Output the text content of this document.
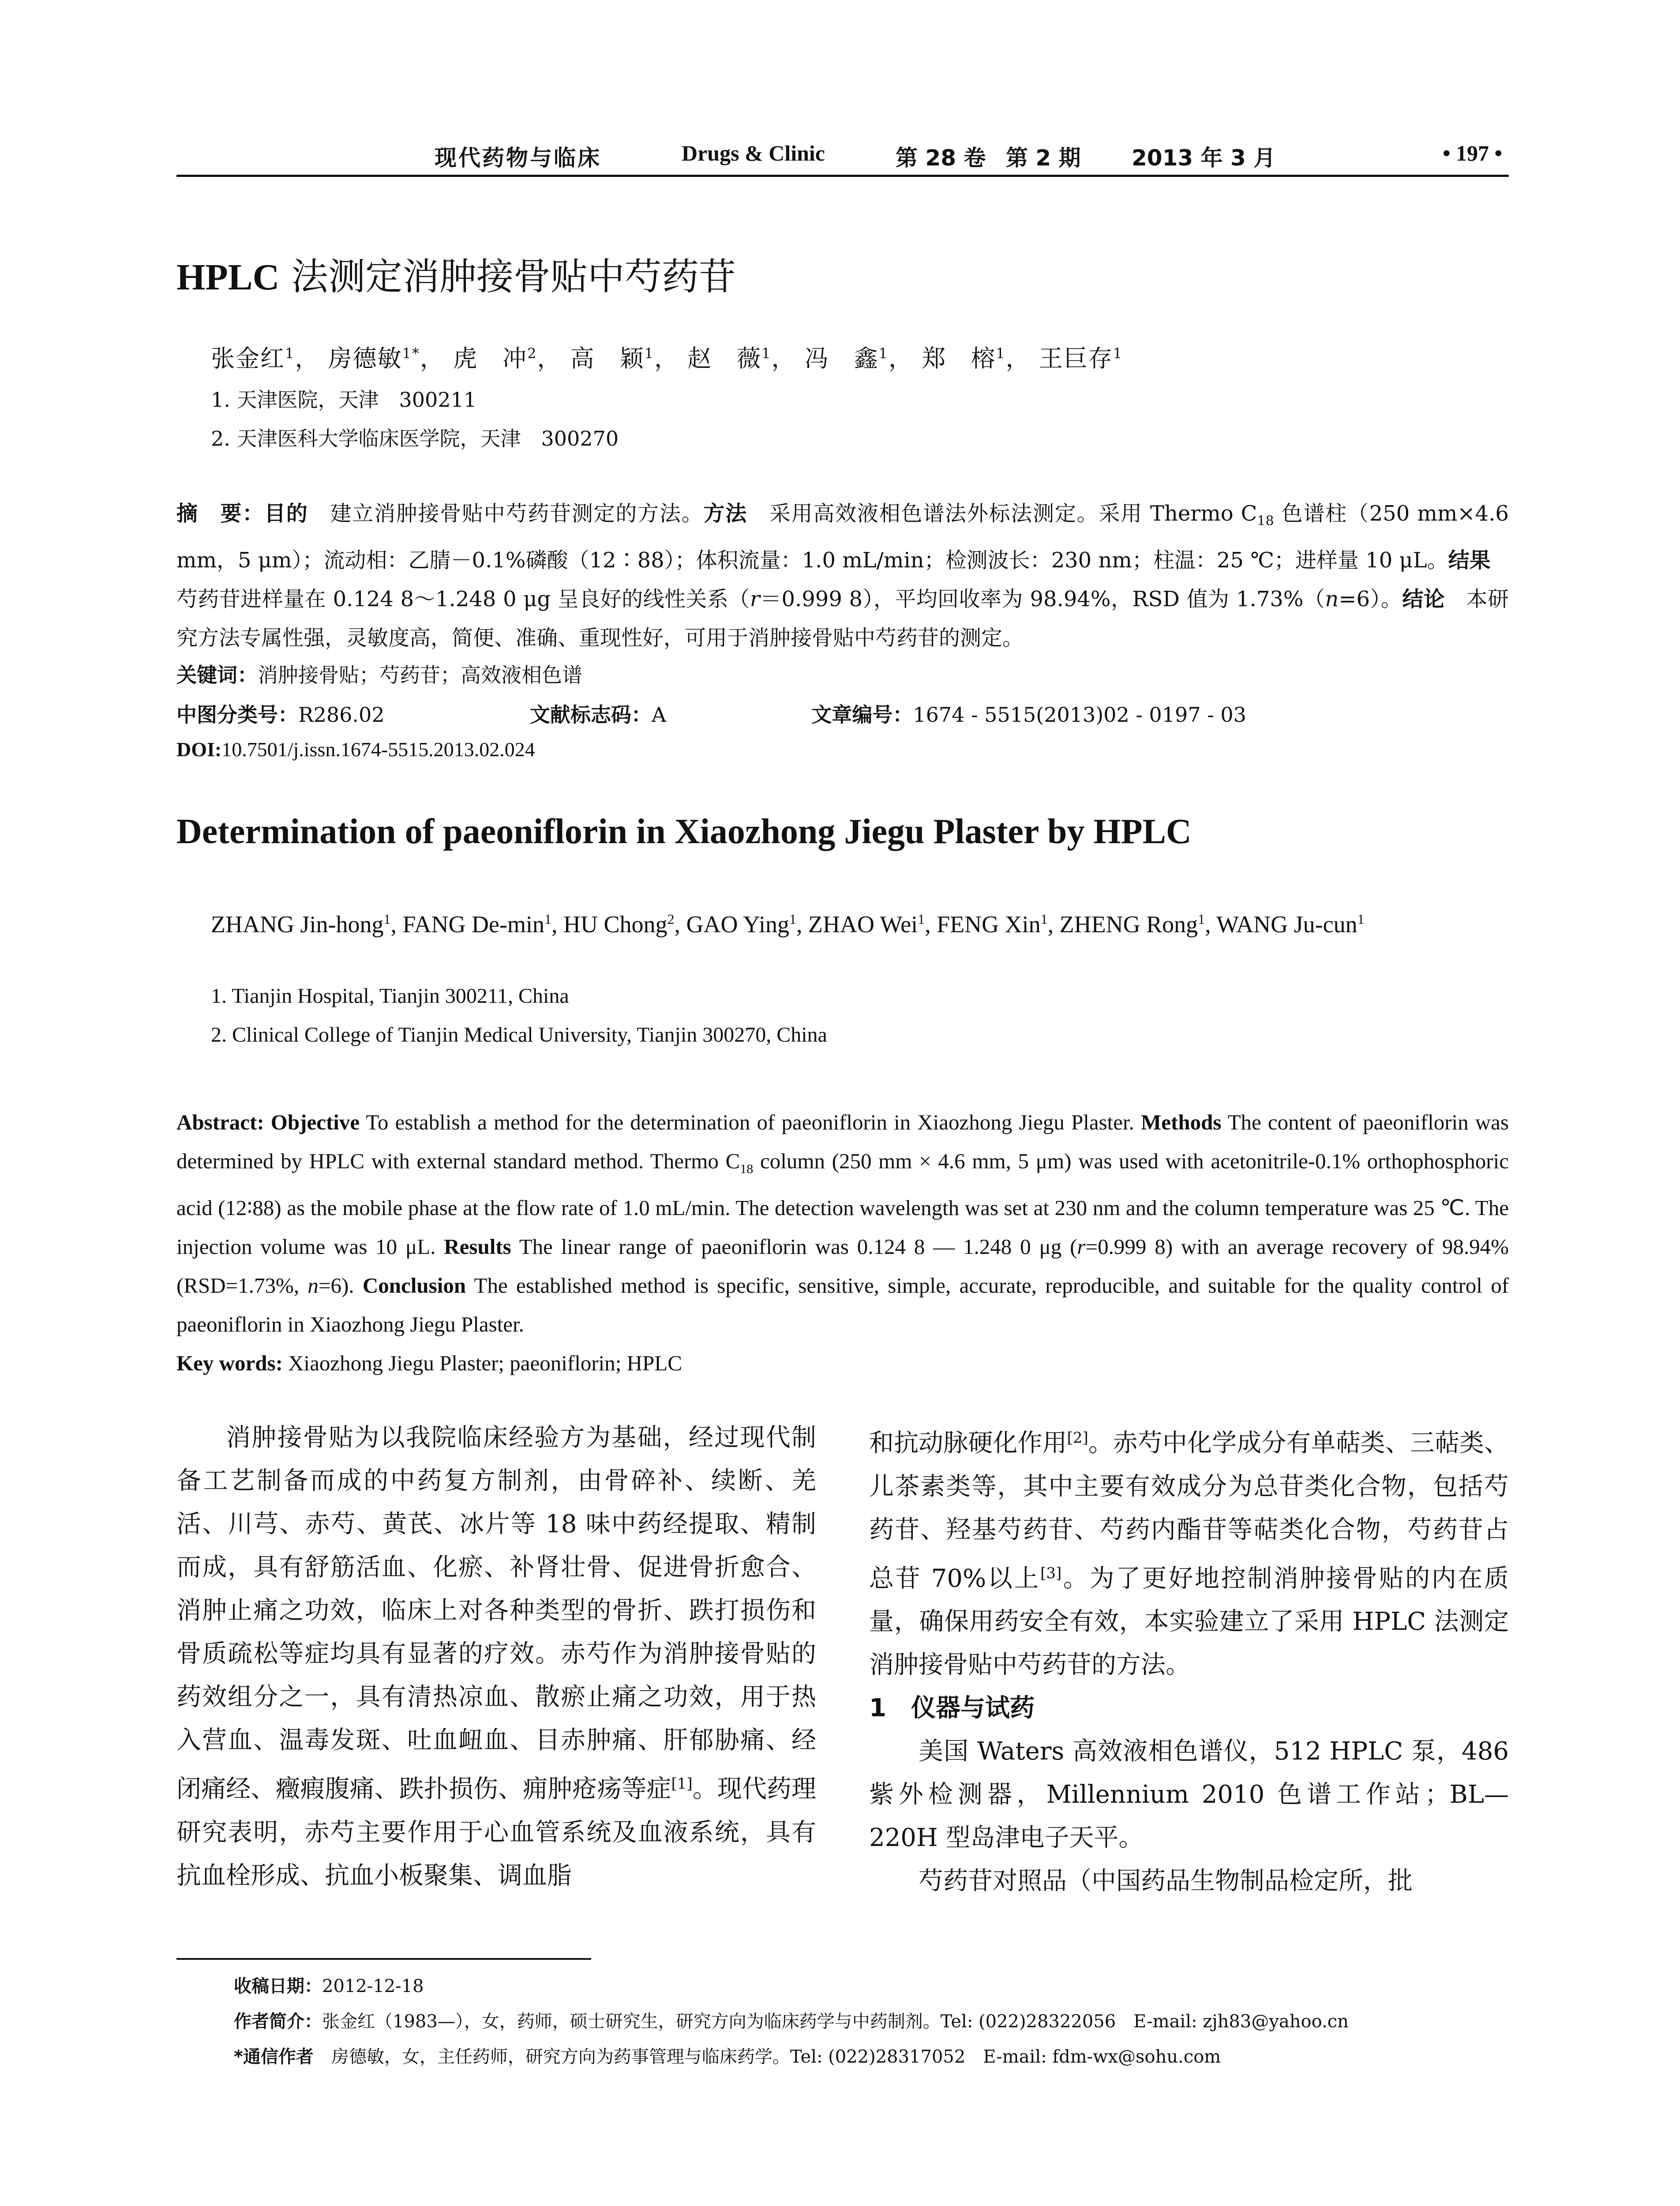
现代药物与临床	Drugs & Clinic	第 28 卷 第 2 期 2013 年 3 月	• 197 •
HPLC 法测定消肿接骨贴中芍药苷
张金红$^1$， 房德敏$^{1*}$， 虎　冲$^2$， 高　颖$^1$， 赵　薇$^1$， 冯　鑫$^1$， 郑　榕$^1$， 王巨存$^1$
1. 天津医院，天津　300211
2. 天津医科大学临床医学院，天津　300270
摘　要：目的　建立消肿接骨贴中芍药苷测定的方法。方法　采用高效液相色谱法外标法测定。采用 Thermo $C_{18}$ 色谱柱（250 mm×4.6 mm，5 μm）；流动相：乙腈－0.1%磷酸（12∶88）；体积流量：1.0 mL/min；检测波长：230 nm；柱温：25 ℃；进样量 10 μL。结果　芍药苷进样量在 0.124 8～1.248 0 μg 呈良好的线性关系（r＝0.999 8），平均回收率为 98.94%，RSD 值为 1.73%（n=6）。结论　本研究方法专属性强，灵敏度高，简便、准确、重现性好，可用于消肿接骨贴中芍药苷的测定。
关键词：消肿接骨贴；芍药苷；高效液相色谱
中图分类号：R286.02	文献标志码：A	文章编号：1674 - 5515(2013)02 - 0197 - 03
DOI:10.7501/j.issn.1674-5515.2013.02.024
Determination of paeoniflorin in Xiaozhong Jiegu Plaster by HPLC
ZHANG Jin-hong$^1$, FANG $De-\min^1$, HU Chong$^2$, GAO Ying$^1$, ZHAO Wei$^1$, FENG Xin$^1$, ZHENG Rong$^1$, WANG Ju-cun$^1$
1. Tianjin Hospital, Tianjin 300211, China
2. Clinical College of Tianjin Medical University, Tianjin 300270, China
Abstract: Objective To establish a method for the determination of paeoniflorin in Xiaozhong Jiegu Plaster. Methods The content of paeoniflorin was determined by HPLC with external standard method. Thermo $C_{18}$ column (250 mm × 4.6 mm, 5 μm) was used with acetonitrile-0.1% orthophosphoric acid (12∶88) as the mobile phase at the flow rate of 1.0 mL/min. The detection wavelength was set at 230 nm and the column temperature was 25 ℃. The injection volume was 10 μL. Results The linear range of paeoniflorin was 0.124 8 — 1.248 0 μg (r=0.999 8) with an average recovery of 98.94% (RSD=1.73%, n=6). Conclusion The established method is specific, sensitive, simple, accurate, reproducible, and suitable for the quality control of paeoniflorin in Xiaozhong Jiegu Plaster.
Key words: Xiaozhong Jiegu Plaster; paeoniflorin; HPLC

消肿接骨贴为以我院临床经验方为基础，经过现代制备工艺制备而成的中药复方制剂，由骨碎补、续断、羌活、川芎、赤芍、黄芪、冰片等 18 味中药经提取、精制而成，具有舒筋活血、化瘀、补肾壮骨、促进骨折愈合、消肿止痛之功效，临床上对各种类型的骨折、跌打损伤和骨质疏松等症均具有显著的疗效。赤芍作为消肿接骨贴的药效组分之一，具有清热凉血、散瘀止痛之功效，用于热入营血、温毒发斑、吐血衄血、目赤肿痛、肝郁胁痛、经闭痛经、癥瘕腹痛、跌扑损伤、痈肿疮疡等症[1]。现代药理研究表明，赤芍主要作用于心血管系统及血液系统，具有抗血栓形成、抗血小板聚集、调血脂

和抗动脉硬化作用[2]。赤芍中化学成分有单萜类、三萜类、儿茶素类等，其中主要有效成分为总苷类化合物，包括芍药苷、羟基芍药苷、芍药内酯苷等萜类化合物，芍药苷占总苷 70%以上[3]。为了更好地控制消肿接骨贴的内在质量，确保用药安全有效，本实验建立了采用 HPLC 法测定消肿接骨贴中芍药苷的方法。

1　仪器与试药

美国 Waters 高效液相色谱仪，512 HPLC 泵，486 紫外检测器，Millennium 2010 色谱工作站；BL—220H 型岛津电子天平。

芍药苷对照品（中国药品生物制品检定所，批

收稿日期：2012-12-18
作者简介：张金红（1983—），女，药师，硕士研究生，研究方向为临床药学与中药制剂。Tel: (022)28322056　E-mail: zjh83@yahoo.cn
*通信作者　房德敏，女，主任药师，研究方向为药事管理与临床药学。Tel: (022)28317052　E-mail: fdm-wx@sohu.com
